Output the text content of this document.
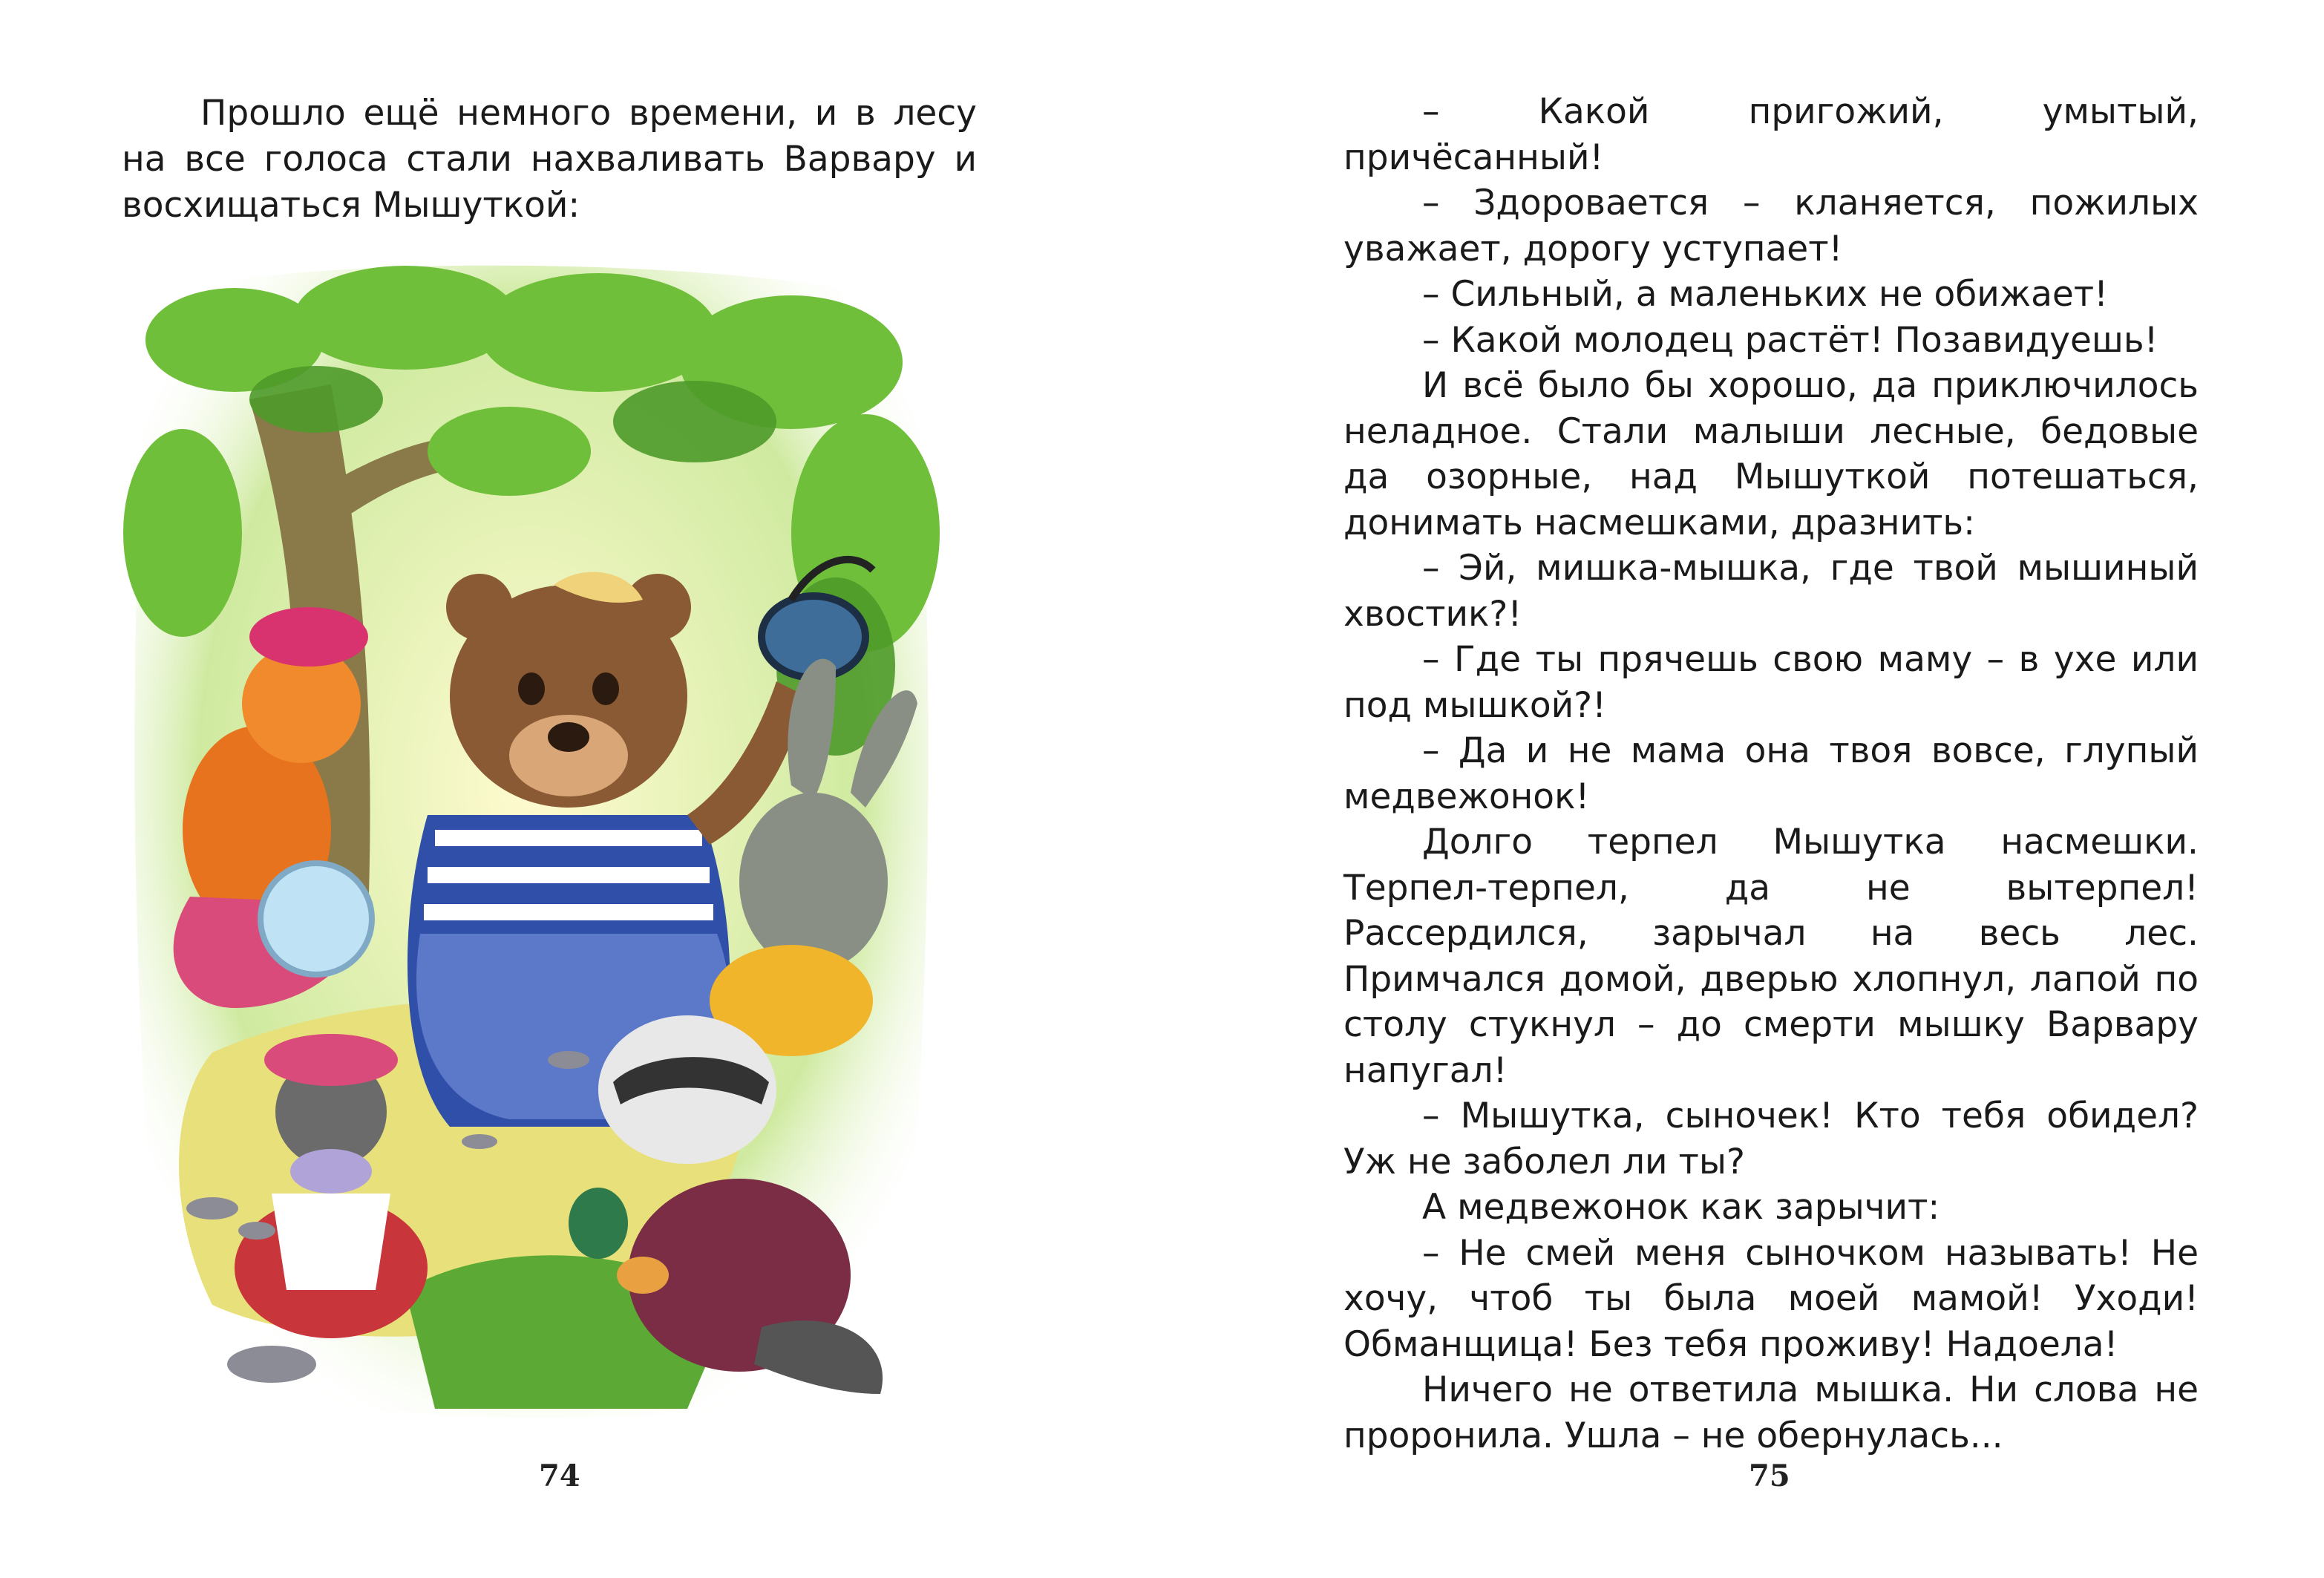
Прошло ещё немного времени, и в лесу на все голоса стали нахваливать Варвару и восхищаться Мышуткой:

74

– Какой пригожий, умытый, причёсанный!

– Здоровается – кланяется, пожилых уважает, дорогу уступает!

– Сильный, а маленьких не обижает!

– Какой молодец растёт! Позавидуешь!

И всё было бы хорошо, да приключилось неладное. Стали малыши лесные, бедовые да озорные, над Мышуткой потешаться, донимать насмешками, дразнить:

– Эй, мишка-мышка, где твой мышиный хвостик?!

– Где ты прячешь свою маму – в ухе или под мышкой?!

– Да и не мама она твоя вовсе, глупый медвежонок!

Долго терпел Мышутка насмешки. Терпел-терпел, да не вытерпел! Рассердился, зарычал на весь лес. Примчался домой, дверью хлопнул, лапой по столу стукнул – до смерти мышку Варвару напугал!

– Мышутка, сыночек! Кто тебя обидел? Уж не заболел ли ты?

А медвежонок как зарычит:

– Не смей меня сыночком называть! Не хочу, чтоб ты была моей мамой! Уходи! Обманщица! Без тебя проживу! Надоела!

Ничего не ответила мышка. Ни слова не проронила. Ушла – не обернулась...

75
